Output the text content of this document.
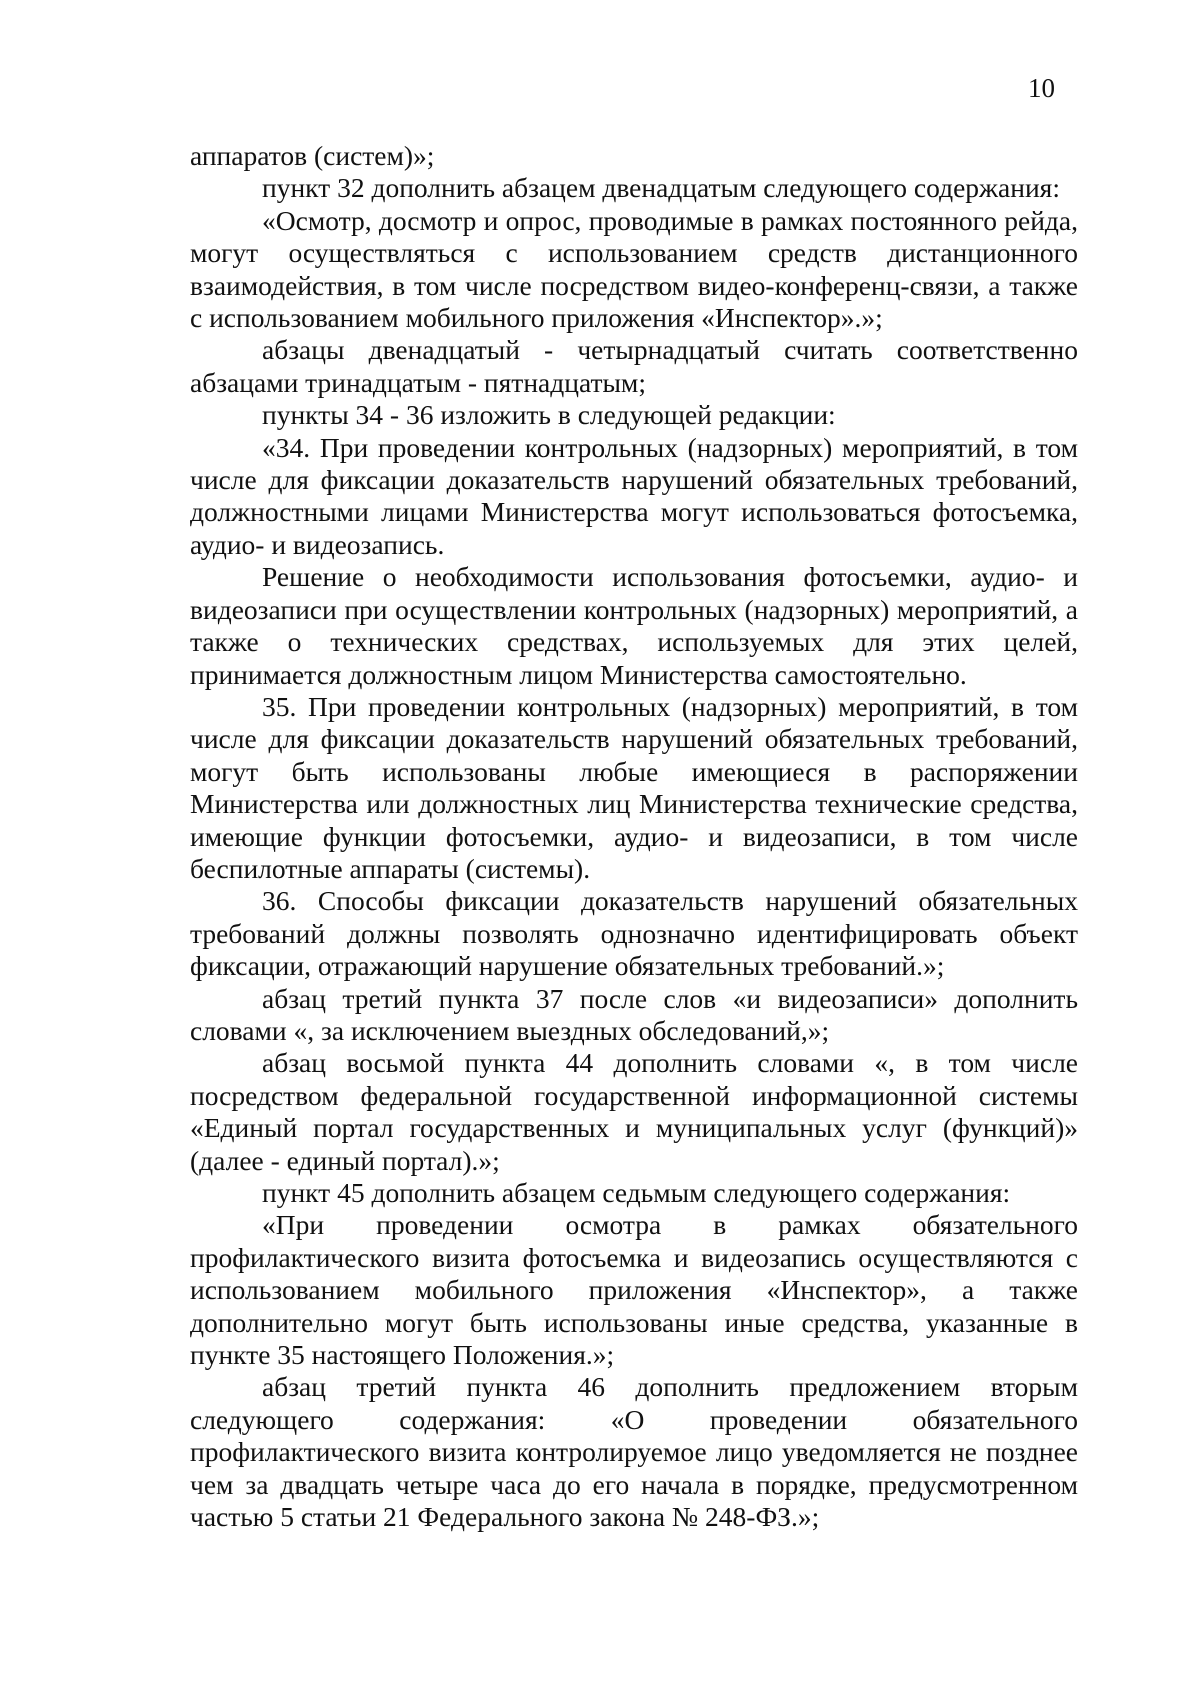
10

аппаратов (систем)»;

пункт 32 дополнить абзацем двенадцатым следующего содержания:

«Осмотр, досмотр и опрос, проводимые в рамках постоянного рейда, могут осуществляться с использованием средств дистанционного взаимодействия, в том числе посредством видео-конференц-связи, а также с использованием мобильного приложения «Инспектор».»;

абзацы двенадцатый - четырнадцатый считать соответственно абзацами тринадцатым - пятнадцатым;

пункты 34 - 36 изложить в следующей редакции:

«34. При проведении контрольных (надзорных) мероприятий, в том числе для фиксации доказательств нарушений обязательных требований, должностными лицами Министерства могут использоваться фотосъемка, аудио- и видеозапись.

Решение о необходимости использования фотосъемки, аудио- и видеозаписи при осуществлении контрольных (надзорных) мероприятий, а также о технических средствах, используемых для этих целей, принимается должностным лицом Министерства самостоятельно.

35. При проведении контрольных (надзорных) мероприятий, в том числе для фиксации доказательств нарушений обязательных требований, могут быть использованы любые имеющиеся в распоряжении Министерства или должностных лиц Министерства технические средства, имеющие функции фотосъемки, аудио- и видеозаписи, в том числе беспилотные аппараты (системы).

36. Способы фиксации доказательств нарушений обязательных требований должны позволять однозначно идентифицировать объект фиксации, отражающий нарушение обязательных требований.»;

абзац третий пункта 37 после слов «и видеозаписи» дополнить словами «, за исключением выездных обследований,»;

абзац восьмой пункта 44 дополнить словами «, в том числе посредством федеральной государственной информационной системы «Единый портал государственных и муниципальных услуг (функций)» (далее - единый портал).»;

пункт 45 дополнить абзацем седьмым следующего содержания:

«При проведении осмотра в рамках обязательного профилактического визита фотосъемка и видеозапись осуществляются с использованием мобильного приложения «Инспектор», а также дополнительно могут быть использованы иные средства, указанные в пункте 35 настоящего Положения.»;

абзац третий пункта 46 дополнить предложением вторым следующего содержания: «О проведении обязательного профилактического визита контролируемое лицо уведомляется не позднее чем за двадцать четыре часа до его начала в порядке, предусмотренном частью 5 статьи 21 Федерального закона № 248-ФЗ.»;
